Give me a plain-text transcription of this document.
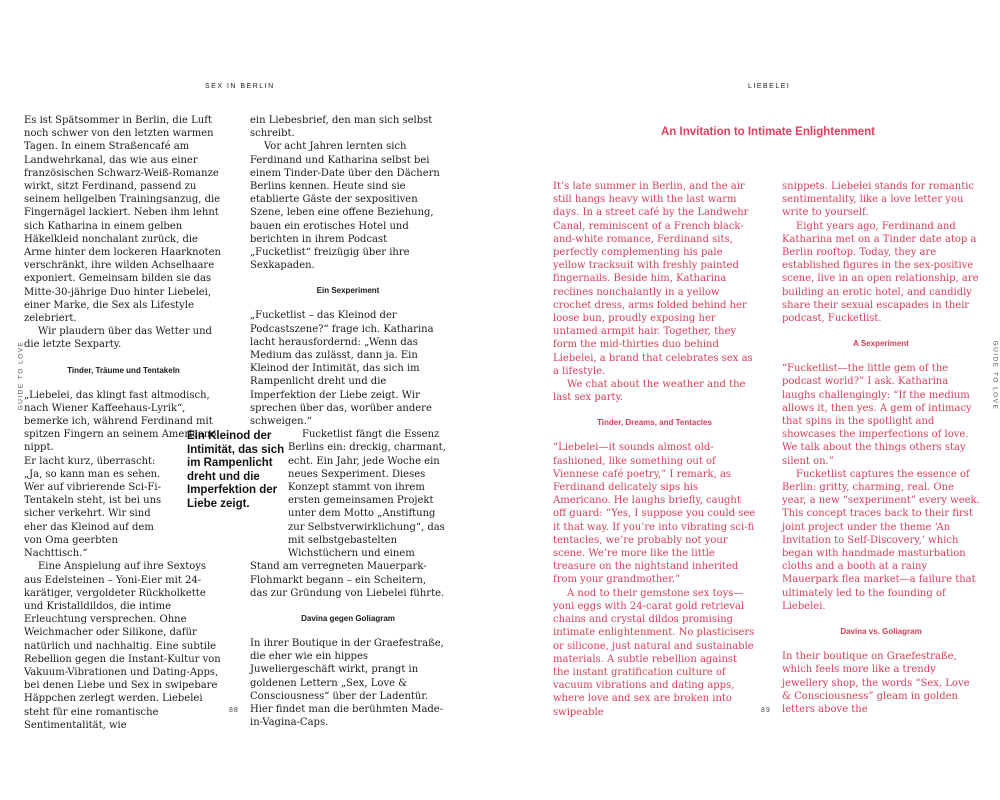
SEX IN BERLIN
GUIDE TO LOVE

Es ist Spätsommer in Berlin, die Luft noch schwer von den letzten warmen Tagen. In einem Straßencafé am Landwehrkanal, das wie aus einer französischen Schwarz-Weiß-Romanze wirkt, sitzt Ferdinand, passend zu seinem hellgelben Trainingsanzug, die Fingernägel lackiert. Neben ihm lehnt sich Katharina in einem gelben Häkelkleid nonchalant zurück, die Arme hinter dem lockeren Haarknoten verschränkt, ihre wilden Achselhaare exponiert. Gemeinsam bilden sie das Mitte-30-jährige Duo hinter Liebelei, einer Marke, die Sex als Lifestyle zelebriert.

Wir plaudern über das Wetter und die letzte Sexparty.

Tinder, Träume und Tentakeln

„Liebelei, das klingt fast altmodisch, nach Wiener Kaffeehaus-Lyrik“, bemerke ich, während Ferdinand mit spitzen Fingern an seinem Americano nippt.

Er lacht kurz, überrascht: „Ja, so kann man es sehen. Wer auf vibrierende Sci-Fi-Tentakeln steht, ist bei uns sicher verkehrt. Wir sind eher das Kleinod auf dem von Oma geerbten Nachttisch.“

Eine Anspielung auf ihre Sextoys aus Edelsteinen – Yoni-Eier mit 24-karätiger, vergoldeter Rückholkette und Kristalldildos, die intime Erleuchtung versprechen. Ohne Weichmacher oder Silikone, dafür natürlich und nachhaltig. Eine subtile Rebellion gegen die Instant-Kultur von Vakuum-Vibrationen und Dating-Apps, bei denen Liebe und Sex in swipebare Häppchen zerlegt werden. Liebelei steht für eine romantische Sentimentalität, wie

ein Liebesbrief, den man sich selbst schreibt.

Vor acht Jahren lernten sich Ferdinand und Katharina selbst bei einem Tinder-Date über den Dächern Berlins kennen. Heute sind sie etablierte Gäste der sexpositiven Szene, leben eine offene Beziehung, bauen ein erotisches Hotel und berichten in ihrem Podcast „Fucketlist“ freizügig über ihre Sexkapaden.

Ein Sexperiment

„Fucketlist – das Kleinod der Podcastszene?“ frage ich. Katharina lacht herausfordernd: „Wenn das Medium das zulässt, dann ja. Ein Kleinod der Intimität, das sich im Rampenlicht dreht und die Imperfektion der Liebe zeigt. Wir sprechen über das, worüber andere schweigen.“

Fucketlist fängt die Essenz Berlins ein: dreckig, charmant, echt. Ein Jahr, jede Woche ein neues Sexperiment. Dieses Konzept stammt von ihrem ersten gemeinsamen Projekt unter dem Motto „Anstiftung zur Selbstverwirklichung“, das mit selbstgebastelten Wichstüchern und einem Stand am verregneten Mauerpark-Flohmarkt begann – ein Scheitern, das zur Gründung von Liebelei führte.

Davina gegen Goliagram

In ihrer Boutique in der Graefestraße, die eher wie ein hippes Juweliergeschäft wirkt, prangt in goldenen Lettern „Sex, Love & Consciousness“ über der Ladentür. Hier findet man die berühmten Made-in-Vagina-Caps.

Ein Kleinod der Intimität, das sich im Rampenlicht dreht und die Imperfektion der Liebe zeigt.
88
LIEBELEI
GUIDE TO LOVE
An Invitation to Intimate Enlightenment

It’s late summer in Berlin, and the air still hangs heavy with the last warm days. In a street café by the Landwehr Canal, reminiscent of a French black-and-white romance, Ferdinand sits, perfectly complementing his pale yellow tracksuit with freshly painted fingernails. Beside him, Katharina reclines nonchalantly in a yellow crochet dress, arms folded behind her loose bun, proudly exposing her untamed armpit hair. Together, they form the mid-thirties duo behind Liebelei, a brand that celebrates sex as a lifestyle.

We chat about the weather and the last sex party.

Tinder, Dreams, and Tentacles

“Liebelei—it sounds almost old-fashioned, like something out of Viennese café poetry,” I remark, as Ferdinand delicately sips his Americano. He laughs briefly, caught off guard: “Yes, I suppose you could see it that way. If you’re into vibrating sci-fi tentacles, we’re probably not your scene. We’re more like the little treasure on the nightstand inherited from your grandmother.”

A nod to their gemstone sex toys—yoni eggs with 24-carat gold retrieval chains and crystal dildos promising intimate enlightenment. No plasticisers or silicone, just natural and sustainable materials. A subtle rebellion against the instant gratification culture of vacuum vibrations and dating apps, where love and sex are broken into swipeable

snippets. Liebelei stands for romantic sentimentality, like a love letter you write to yourself.

Eight years ago, Ferdinand and Katharina met on a Tinder date atop a Berlin rooftop. Today, they are established figures in the sex-positive scene, live in an open relationship, are building an erotic hotel, and candidly share their sexual escapades in their podcast, Fucketlist.

A Sexperiment

“Fucketlist—the little gem of the podcast world?” I ask. Katharina laughs challengingly: “If the medium allows it, then yes. A gem of intimacy that spins in the spotlight and showcases the imperfections of love. We talk about the things others stay silent on.”

Fucketlist captures the essence of Berlin: gritty, charming, real. One year, a new “sexperiment” every week. This concept traces back to their first joint project under the theme ‘An Invitation to Self-Discovery,’ which began with handmade masturbation cloths and a booth at a rainy Mauerpark flea market—a failure that ultimately led to the founding of Liebelei.

Davina vs. Goliagram

In their boutique on Graefestraße, which feels more like a trendy jewellery shop, the words “Sex, Love & Consciousness” gleam in golden letters above the

89
